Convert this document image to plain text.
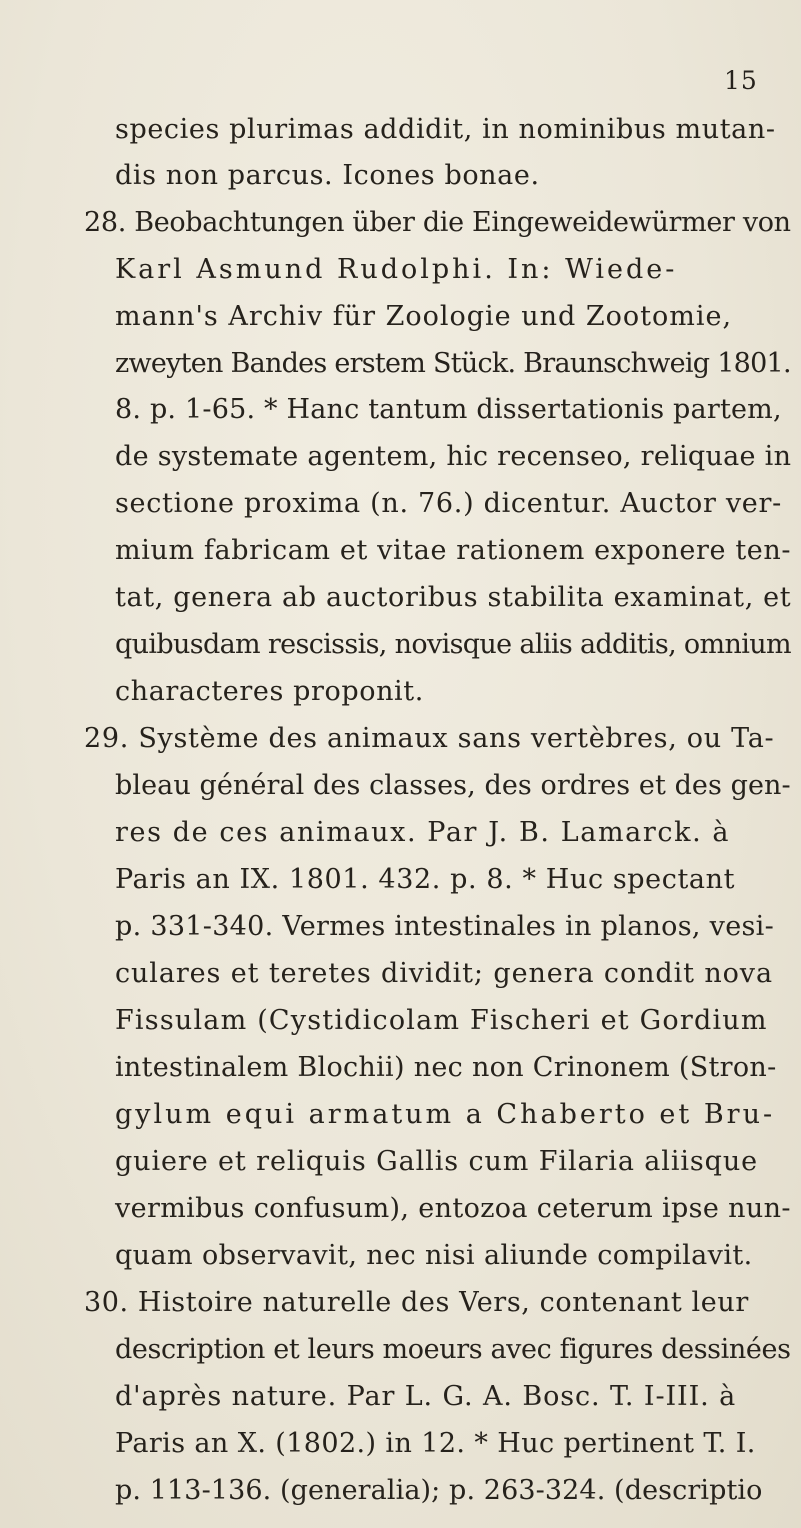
15
species plurimas addidit, in nominibus mutan-
dis non parcus. Icones bonae.
28. Beobachtungen über die Eingeweidewürmer von
Karl Asmund Rudolphi. In: Wiede-
mann's Archiv für Zoologie und Zootomie,
zweyten Bandes erstem Stück. Braunschweig 1801.
8. p. 1-65. * Hanc tantum dissertationis partem,
de systemate agentem, hic recenseo, reliquae in
sectione proxima (n. 76.) dicentur. Auctor ver-
mium fabricam et vitae rationem exponere ten-
tat, genera ab auctoribus stabilita examinat, et
quibusdam rescissis, novisque aliis additis, omnium
characteres proponit.
29. Système des animaux sans vertèbres, ou Ta-
bleau général des classes, des ordres et des gen-
res de ces animaux. Par J. B. Lamarck. à
Paris an IX. 1801. 432. p. 8. * Huc spectant
p. 331-340. Vermes intestinales in planos, vesi-
culares et teretes dividit; genera condit nova
Fissulam (Cystidicolam Fischeri et Gordium
intestinalem Blochii) nec non Crinonem (Stron-
gylum equi armatum a Chaberto et Bru-
guiere et reliquis Gallis cum Filaria aliisque
vermibus confusum), entozoa ceterum ipse nun-
quam observavit, nec nisi aliunde compilavit.
30. Histoire naturelle des Vers, contenant leur
description et leurs moeurs avec figures dessinées
d'après nature. Par L. G. A. Bosc. T. I-III. à
Paris an X. (1802.) in 12. * Huc pertinent T. I.
p. 113-136. (generalia); p. 263-324. (descriptio
